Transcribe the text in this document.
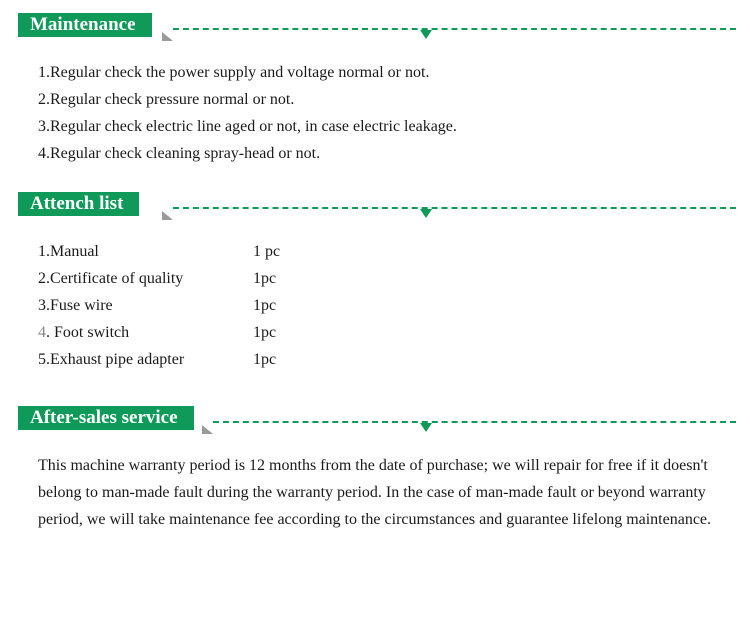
Maintenance
1.Regular check the power supply and voltage normal or not.
2.Regular check pressure normal or not.
3.Regular check electric line aged or not, in case electric leakage.
4.Regular check cleaning spray-head or not.
Attench list
1.Manual	1 pc
2.Certificate of quality	1pc
3.Fuse wire	1pc
4. Foot switch	1pc
5.Exhaust pipe adapter	1pc
After-sales service
This machine warranty period is 12 months from the date of purchase; we will repair for free if it doesn't belong to man-made fault during the warranty period. In the case of man-made fault or beyond warranty period, we will take maintenance fee according to the circumstances and guarantee lifelong maintenance.
